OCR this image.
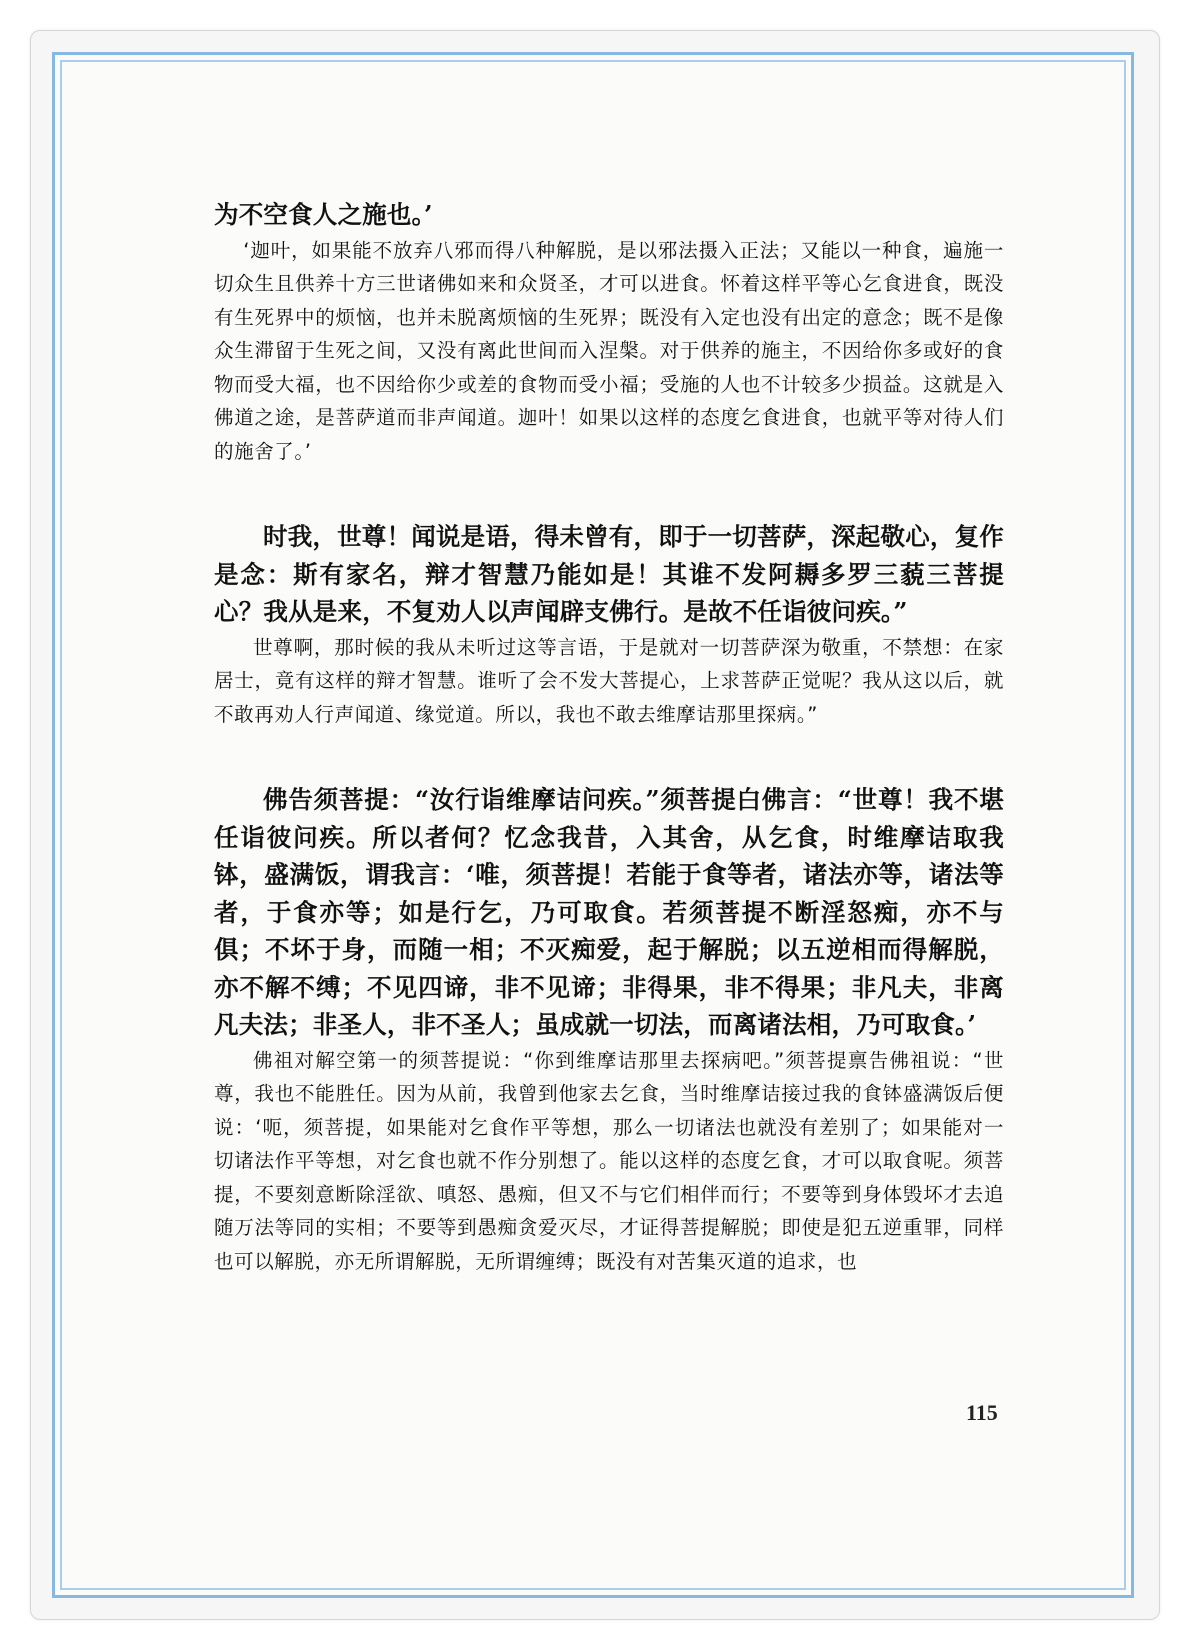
为不空食人之施也。’

‘迦叶，如果能不放弃八邪而得八种解脱，是以邪法摄入正法；又能以一种食，遍施一切众生且供养十方三世诸佛如来和众贤圣，才可以进食。怀着这样平等心乞食进食，既没有生死界中的烦恼，也并未脱离烦恼的生死界；既没有入定也没有出定的意念；既不是像众生滞留于生死之间，又没有离此世间而入涅槃。对于供养的施主，不因给你多或好的食物而受大福，也不因给你少或差的食物而受小福；受施的人也不计较多少损益。这就是入佛道之途，是菩萨道而非声闻道。迦叶！如果以这样的态度乞食进食，也就平等对待人们的施舍了。’

时我，世尊！闻说是语，得未曾有，即于一切菩萨，深起敬心，复作是念：斯有家名，辩才智慧乃能如是！其谁不发阿耨多罗三藐三菩提心？我从是来，不复劝人以声闻辟支佛行。是故不任诣彼问疾。”

世尊啊，那时候的我从未听过这等言语，于是就对一切菩萨深为敬重，不禁想：在家居士，竟有这样的辩才智慧。谁听了会不发大菩提心，上求菩萨正觉呢？我从这以后，就不敢再劝人行声闻道、缘觉道。所以，我也不敢去维摩诘那里探病。”

佛告须菩提：“汝行诣维摩诘问疾。”须菩提白佛言：“世尊！我不堪任诣彼问疾。所以者何？忆念我昔，入其舍，从乞食，时维摩诘取我钵，盛满饭，谓我言：‘唯，须菩提！若能于食等者，诸法亦等，诸法等者，于食亦等；如是行乞，乃可取食。若须菩提不断淫怒痴，亦不与俱；不坏于身，而随一相；不灭痴爱，起于解脱；以五逆相而得解脱，亦不解不缚；不见四谛，非不见谛；非得果，非不得果；非凡夫，非离凡夫法；非圣人，非不圣人；虽成就一切法，而离诸法相，乃可取食。’

佛祖对解空第一的须菩提说：“你到维摩诘那里去探病吧。”须菩提禀告佛祖说：“世尊，我也不能胜任。因为从前，我曾到他家去乞食，当时维摩诘接过我的食钵盛满饭后便说：‘呃，须菩提，如果能对乞食作平等想，那么一切诸法也就没有差别了；如果能对一切诸法作平等想，对乞食也就不作分别想了。能以这样的态度乞食，才可以取食呢。须菩提，不要刻意断除淫欲、嗔怒、愚痴，但又不与它们相伴而行；不要等到身体毁坏才去追随万法等同的实相；不要等到愚痴贪爱灭尽，才证得菩提解脱；即使是犯五逆重罪，同样也可以解脱，亦无所谓解脱，无所谓缠缚；既没有对苦集灭道的追求，也

115
